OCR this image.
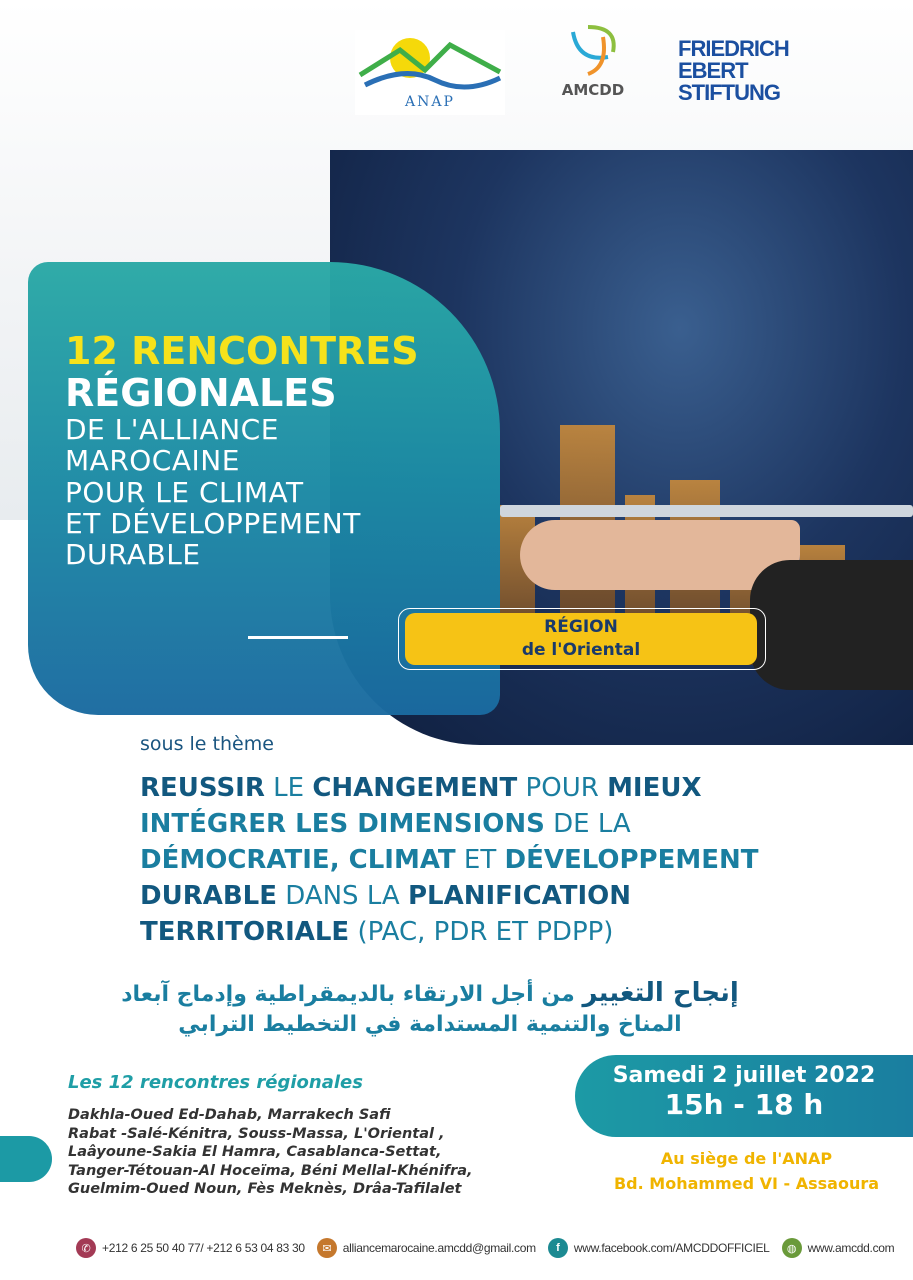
ANAP
AMCDD
FRIEDRICH
EBERT
STIFTUNG
12 RENCONTRES
RÉGIONALES
DE L'ALLIANCE
MAROCAINE
POUR LE CLIMAT
ET DÉVELOPPEMENT
DURABLE
RÉGION
de l'Oriental
sous le thème
REUSSIR LE CHANGEMENT POUR MIEUX
INTÉGRER LES DIMENSIONS DE LA
DÉMOCRATIE, CLIMAT ET DÉVELOPPEMENT
DURABLE DANS LA PLANIFICATION
TERRITORIALE (PAC, PDR ET PDPP)
إنجاح التغيير من أجل الارتقاء بالديمقراطية وإدماج آبعاد
المناخ والتنمية المستدامة في التخطيط الترابي
Les 12 rencontres régionales
Dakhla-Oued Ed-Dahab, Marrakech Safi
Rabat -Salé-Kénitra, Souss-Massa, L'Oriental ,
Laâyoune-Sakia El Hamra, Casablanca-Settat,
Tanger-Tétouan-Al Hoceïma, Béni Mellal-Khénifra,
Guelmim-Oued Noun, Fès Meknès, Drâa-Tafilalet
Samedi 2 juillet 2022
15h - 18 h
Au siège de l'ANAP
Bd. Mohammed VI - Assaoura
✆ +212 6 25 50 40 77/ +212 6 53 04 83 30	✉ alliancemarocaine.amcdd@gmail.com	f	www.facebook.com/AMCDDOFFICIEL	◍ www.amcdd.com
